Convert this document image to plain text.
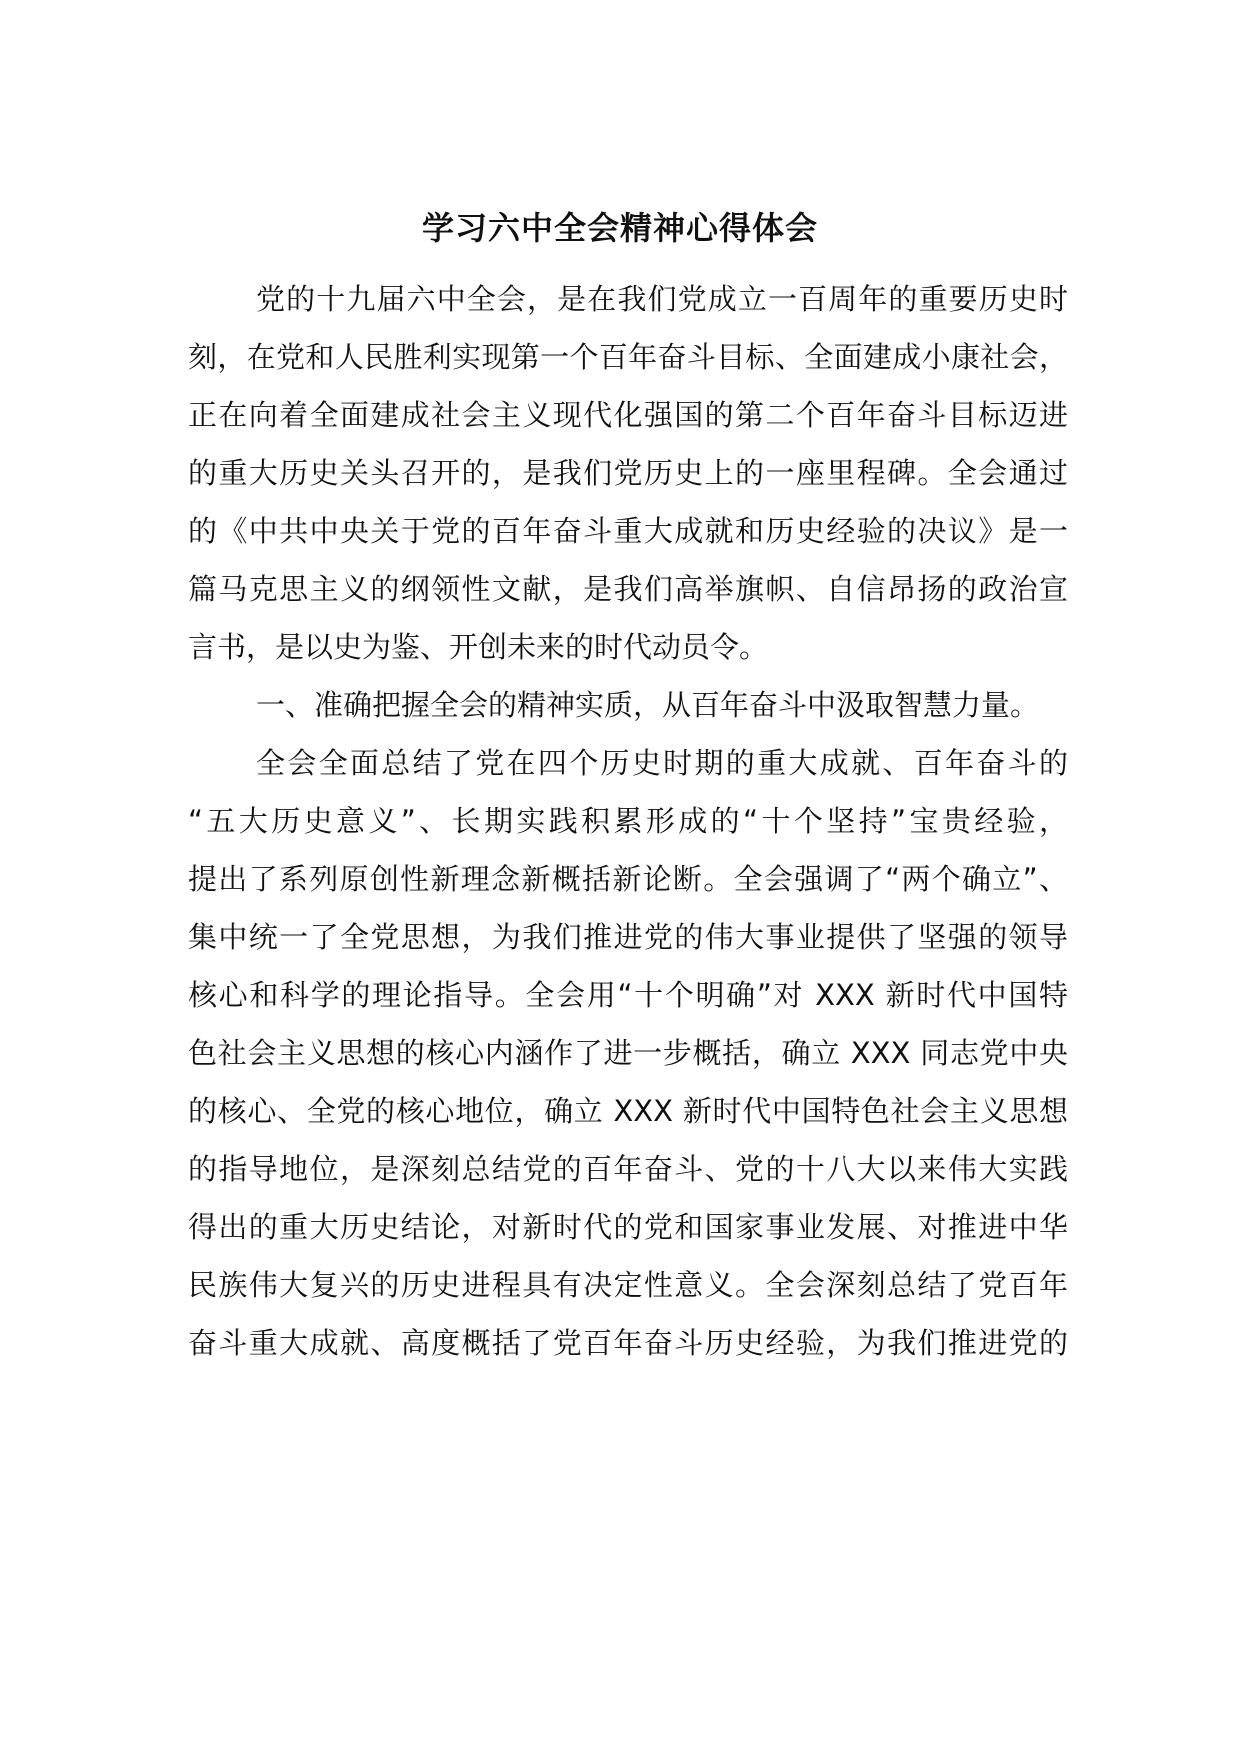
学习六中全会精神心得体会
党的十九届六中全会，是在我们党成立一百周年的重要历史时
刻，在党和人民胜利实现第一个百年奋斗目标、全面建成小康社会，
正在向着全面建成社会主义现代化强国的第二个百年奋斗目标迈进
的重大历史关头召开的，是我们党历史上的一座里程碑。全会通过
的《中共中央关于党的百年奋斗重大成就和历史经验的决议》是一
篇马克思主义的纲领性文献，是我们高举旗帜、自信昂扬的政治宣
言书，是以史为鉴、开创未来的时代动员令。
一、准确把握全会的精神实质，从百年奋斗中汲取智慧力量。
全会全面总结了党在四个历史时期的重大成就、百年奋斗的
“五大历史意义”、长期实践积累形成的“十个坚持”宝贵经验，
提出了系列原创性新理念新概括新论断。全会强调了“两个确立”、
集中统一了全党思想，为我们推进党的伟大事业提供了坚强的领导
核心和科学的理论指导。全会用“十个明确”对 XXX 新时代中国特
色社会主义思想的核心内涵作了进一步概括，确立 XXX 同志党中央
的核心、全党的核心地位，确立 XXX 新时代中国特色社会主义思想
的指导地位，是深刻总结党的百年奋斗、党的十八大以来伟大实践
得出的重大历史结论，对新时代的党和国家事业发展、对推进中华
民族伟大复兴的历史进程具有决定性意义。全会深刻总结了党百年
奋斗重大成就、高度概括了党百年奋斗历史经验，为我们推进党的
